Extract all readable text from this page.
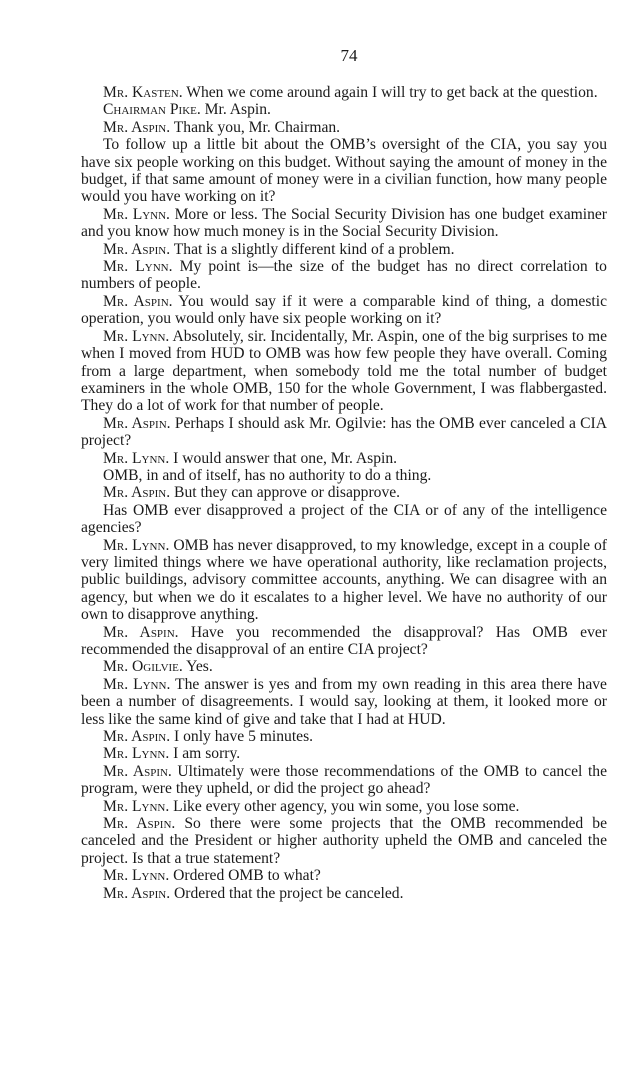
74

Mr. Kasten. When we come around again I will try to get back at the question.

Chairman Pike. Mr. Aspin.

Mr. Aspin. Thank you, Mr. Chairman.

To follow up a little bit about the OMB’s oversight of the CIA, you say you have six people working on this budget. Without saying the amount of money in the budget, if that same amount of money were in a civilian function, how many people would you have working on it?

Mr. Lynn. More or less. The Social Security Division has one budget examiner and you know how much money is in the Social Security Division.

Mr. Aspin. That is a slightly different kind of a problem.

Mr. Lynn. My point is—the size of the budget has no direct correlation to numbers of people.

Mr. Aspin. You would say if it were a comparable kind of thing, a domestic operation, you would only have six people working on it?

Mr. Lynn. Absolutely, sir. Incidentally, Mr. Aspin, one of the big surprises to me when I moved from HUD to OMB was how few people they have overall. Coming from a large department, when somebody told me the total number of budget examiners in the whole OMB, 150 for the whole Government, I was flabbergasted. They do a lot of work for that number of people.

Mr. Aspin. Perhaps I should ask Mr. Ogilvie: has the OMB ever canceled a CIA project?

Mr. Lynn. I would answer that one, Mr. Aspin.

OMB, in and of itself, has no authority to do a thing.

Mr. Aspin. But they can approve or disapprove.

Has OMB ever disapproved a project of the CIA or of any of the intelligence agencies?

Mr. Lynn. OMB has never disapproved, to my knowledge, except in a couple of very limited things where we have operational authority, like reclamation projects, public buildings, advisory committee accounts, anything. We can disagree with an agency, but when we do it escalates to a higher level. We have no authority of our own to disapprove anything.

Mr. Aspin. Have you recommended the disapproval? Has OMB ever recommended the disapproval of an entire CIA project?

Mr. Ogilvie. Yes.

Mr. Lynn. The answer is yes and from my own reading in this area there have been a number of disagreements. I would say, looking at them, it looked more or less like the same kind of give and take that I had at HUD.

Mr. Aspin. I only have 5 minutes.

Mr. Lynn. I am sorry.

Mr. Aspin. Ultimately were those recommendations of the OMB to cancel the program, were they upheld, or did the project go ahead?

Mr. Lynn. Like every other agency, you win some, you lose some.

Mr. Aspin. So there were some projects that the OMB recommended be canceled and the President or higher authority upheld the OMB and canceled the project. Is that a true statement?

Mr. Lynn. Ordered OMB to what?

Mr. Aspin. Ordered that the project be canceled.
